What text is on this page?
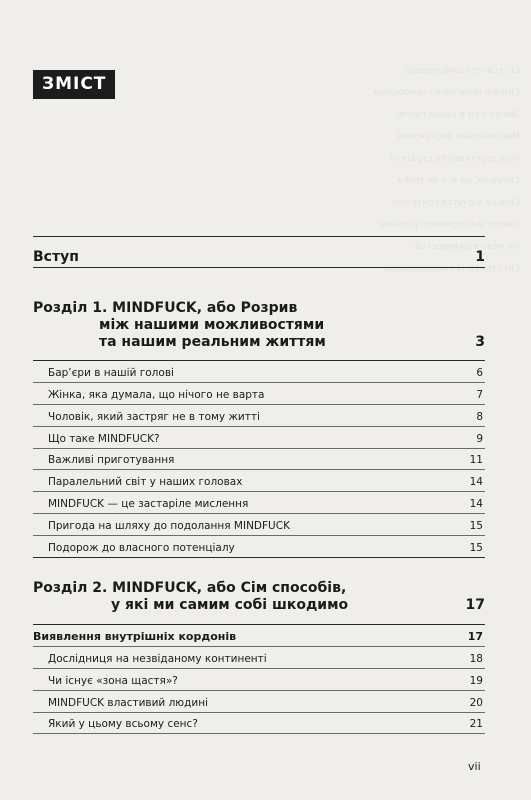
Сі стратегії самоперевір
Сімейні прив'язки і самооцінка
Звичні ігри в нашій голові
Максимально виснажливі
Конструктивність стратегії
Ситуація, де все як треба
Сильне відчуття контролю
Самостійно прийняті рішення
На межі можливостей
Сім стратегій самоперевірки
ЗМІСТ
Вступ	1
Розділ 1. MINDFUCK, або Розрив
між нашими можливостями
та нашим реальним життям	3
Бар’єри в нашій голові	6
Жінка, яка думала, що нічого не варта	7
Чоловік, який застряг не в тому житті	8
Що таке MINDFUCK?	9
Важливі приготування	11
Паралельний світ у наших головах	14
MINDFUCK — це застаріле мислення	14
Пригода на шляху до подолання MINDFUCK	15
Подорож до власного потенціалу	15
Розділ 2. MINDFUCK, або Сім способів,
у які ми самим собі шкодимо	17
Виявлення внутрішніх кордонів	17
Дослідниця на незвіданому континенті	18
Чи існує «зона щастя»?	19
MINDFUCK властивий людині	20
Який у цьому всьому сенс?	21
vii
